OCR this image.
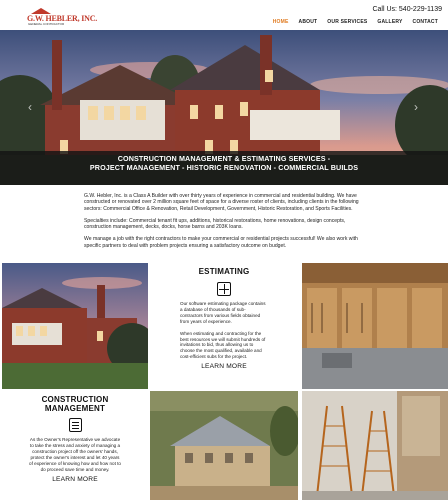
G.W. HEBLER, INC.
GENERAL CONTRACTOR
Call Us: 540-229-1139
HOME ABOUT OUR SERVICES GALLERY CONTACT
‹	›
CONSTRUCTION MANAGEMENT & ESTIMATING SERVICES -
PROJECT MANAGEMENT - HISTORIC RENOVATION - COMMERCIAL BUILDS

G.W. Hebler, Inc. is a Class A Builder with over thirty years of experience in commercial and residential building. We have constructed or renovated over 2 million square feet of space for a diverse roster of clients, including clients in the following sectors: Commercial Office & Renovation, Retail Development, Government, Historic Restoration, and Sports Facilities.

Specialties include: Commercial tenant fit ups, additions, historical restorations, home renovations, design concepts, construction management, decks, docks, horse barns and 203K loans.

We manage a job with the right contractors to make your commercial or residential projects successful! We also work with specific partners to deal with problem projects ensuring a satisfactory outcome on budget.

ESTIMATING

Our software estimating package contains a database of thousands of sub-contractors from various fields obtained from years of experience.

When estimating and contracting for the best resources we will submit hundreds of invitations to bid, thus allowing us to choose the most qualified, available and cost-efficient subs for the project.

LEARN MORE
CONSTRUCTION
MANAGEMENT

As the Owner's Representative we advocate to take the stress and anxiety of managing a construction project off the owners' hands, protect the owner's interest and let 40 years of experience of knowing how and how not to do proceed save time and money.

LEARN MORE
